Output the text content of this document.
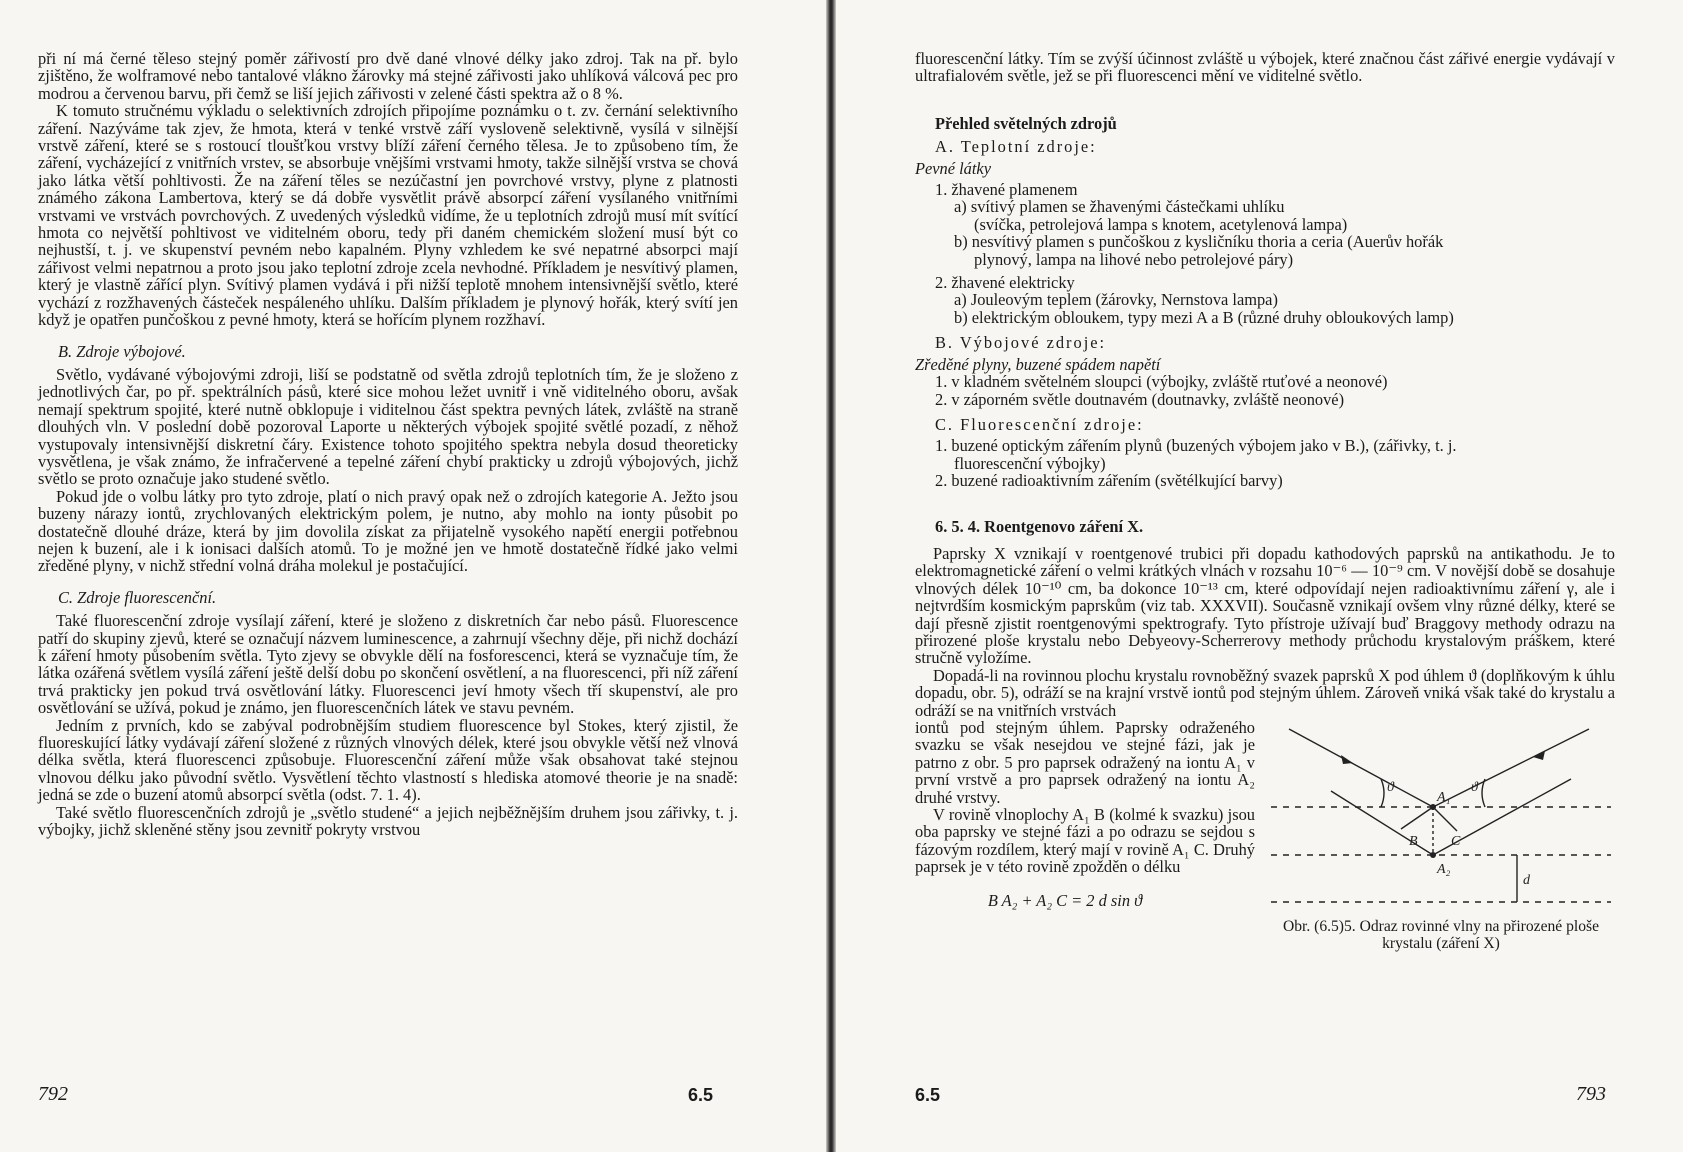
při ní má černé těleso stejný poměr zářivostí pro dvě dané vlnové délky jako zdroj. Tak na př. bylo zjištěno, že wolframové nebo tantalové vlákno žárovky má stejné zářivosti jako uhlíková válcová pec pro modrou a červenou barvu, při čemž se liší jejich zářivosti v zelené části spektra až o 8 %.

K tomuto stručnému výkladu o selektivních zdrojích připojíme poznámku o t. zv. černání selektivního záření. Nazýváme tak zjev, že hmota, která v tenké vrstvě září vysloveně selektivně, vysílá v silnější vrstvě záření, které se s rostoucí tloušťkou vrstvy blíží záření černého tělesa. Je to způsobeno tím, že záření, vycházející z vnitřních vrstev, se absorbuje vnějšími vrstvami hmoty, takže silnější vrstva se chová jako látka větší pohltivosti. Že na záření těles se nezúčastní jen povrchové vrstvy, plyne z platnosti známého zákona Lambertova, který se dá dobře vysvětlit právě absorpcí záření vysílaného vnitřními vrstvami ve vrstvách povrchových. Z uvedených výsledků vidíme, že u teplotních zdrojů musí mít svítící hmota co největší pohltivost ve viditelném oboru, tedy při daném chemickém složení musí být co nejhustší, t. j. ve skupenství pevném nebo kapalném. Plyny vzhledem ke své nepatrné absorpci mají zářivost velmi nepatrnou a proto jsou jako teplotní zdroje zcela nevhodné. Příkladem je nesvítivý plamen, který je vlastně zářící plyn. Svítivý plamen vydává i při nižší teplotě mnohem intensivnější světlo, které vychází z rozžhavených částeček nespáleného uhlíku. Dalším příkladem je plynový hořák, který svítí jen když je opatřen punčoškou z pevné hmoty, která se hořícím plynem rozžhaví.

B. Zdroje výbojové.

Světlo, vydávané výbojovými zdroji, liší se podstatně od světla zdrojů teplotních tím, že je složeno z jednotlivých čar, po př. spektrálních pásů, které sice mohou ležet uvnitř i vně viditelného oboru, avšak nemají spektrum spojité, které nutně obklopuje i viditelnou část spektra pevných látek, zvláště na straně dlouhých vln. V poslední době pozoroval Laporte u některých výbojek spojité světlé pozadí, z něhož vystupovaly intensivnější diskretní čáry. Existence tohoto spojitého spektra nebyla dosud theoreticky vysvětlena, je však známo, že infračervené a tepelné záření chybí prakticky u zdrojů výbojových, jichž světlo se proto označuje jako studené světlo.

Pokud jde o volbu látky pro tyto zdroje, platí o nich pravý opak než o zdrojích kategorie A. Ježto jsou buzeny nárazy iontů, zrychlovaných elektrickým polem, je nutno, aby mohlo na ionty působit po dostatečně dlouhé dráze, která by jim dovolila získat za přijatelně vysokého napětí energii potřebnou nejen k buzení, ale i k ionisaci dalších atomů. To je možné jen ve hmotě dostatečně řídké jako velmi zředěné plyny, v nichž střední volná dráha molekul je postačující.

C. Zdroje fluorescenční.

Také fluorescenční zdroje vysílají záření, které je složeno z diskretních čar nebo pásů. Fluorescence patří do skupiny zjevů, které se označují názvem luminescence, a zahrnují všechny děje, při nichž dochází k záření hmoty působením světla. Tyto zjevy se obvykle dělí na fosforescenci, která se vyznačuje tím, že látka ozářená světlem vysílá záření ještě delší dobu po skončení osvětlení, a na fluorescenci, při níž záření trvá prakticky jen pokud trvá osvětlování látky. Fluorescenci jeví hmoty všech tří skupenství, ale pro osvětlování se užívá, pokud je známo, jen fluorescenčních látek ve stavu pevném.

Jedním z prvních, kdo se zabýval podrobnějším studiem fluorescence byl Stokes, který zjistil, že fluoreskující látky vydávají záření složené z různých vlnových délek, které jsou obvykle větší než vlnová délka světla, která fluorescenci způsobuje. Fluorescenční záření může však obsahovat také stejnou vlnovou délku jako původní světlo. Vysvětlení těchto vlastností s hlediska atomové theorie je na snadě: jedná se zde o buzení atomů absorpcí světla (odst. 7. 1. 4).

Také světlo fluorescenčních zdrojů je „světlo studené“ a jejich nejběžnějším druhem jsou zářivky, t. j. výbojky, jichž skleněné stěny jsou zevnitř pokryty vrstvou

792	6.5

fluorescenční látky. Tím se zvýší účinnost zvláště u výbojek, které značnou část zářivé energie vydávají v ultrafialovém světle, jež se při fluorescenci mění ve viditelné světlo.

Přehled světelných zdrojů
A. Teplotní zdroje:
Pevné látky
1. žhavené plamenem
a) svítivý plamen se žhavenými částečkami uhlíku
(svíčka, petrolejová lampa s knotem, acetylenová lampa)
b) nesvítivý plamen s punčoškou z kysličníku thoria a ceria (Auerův hořák
plynový, lampa na lihové nebo petrolejové páry)
2. žhavené elektricky
a) Jouleovým teplem (žárovky, Nernstova lampa)
b) elektrickým obloukem, typy mezi A a B (různé druhy obloukových lamp)
B. Výbojové zdroje:
Zředěné plyny, buzené spádem napětí
1. v kladném světelném sloupci (výbojky, zvláště rtuťové a neonové)
2. v záporném světle doutnavém (doutnavky, zvláště neonové)
C. Fluorescenční zdroje:
1. buzené optickým zářením plynů (buzených výbojem jako v B.), (zářivky, t. j.
fluorescenční výbojky)
2. buzené radioaktivním zářením (světélkující barvy)
6. 5. 4. Roentgenovo záření X.

Paprsky X vznikají v roentgenové trubici při dopadu kathodových paprsků na antikathodu. Je to elektromagnetické záření o velmi krátkých vlnách v rozsahu 10⁻⁶ — 10⁻⁹ cm. V novější době se dosahuje vlnových délek 10⁻¹⁰ cm, ba dokonce 10⁻¹³ cm, které odpovídají nejen radioaktivnímu záření γ, ale i nejtvrdším kosmickým paprskům (viz tab. XXXVII). Současně vznikají ovšem vlny různé délky, které se dají přesně zjistit roentgenovými spektrografy. Tyto přístroje užívají buď Braggovy methody odrazu na přirozené ploše krystalu nebo Debyeovy-Scherrerovy methody průchodu krystalovým práškem, které stručně vyložíme.

Dopadá-li na rovinnou plochu krystalu rovnoběžný svazek paprsků X pod úhlem ϑ (doplňkovým k úhlu dopadu, obr. 5), odráží se na krajní vrstvě iontů pod stejným úhlem. Zároveň vniká však také do krystalu a odráží se na vnitřních vrstvách

iontů pod stejným úhlem. Paprsky odraženého svazku se však nesejdou ve stejné fázi, jak je patrno z obr. 5 pro paprsek odražený na iontu A₁ v první vrstvě a pro paprsek odražený na iontu A₂ druhé vrstvy.

V rovině vlnoplochy A₁ B (kolmé k svazku) jsou oba paprsky ve stejné fázi a po odrazu se sejdou s fázovým rozdílem, který mají v rovině A₁ C. Druhý paprsek je v této rovině zpožděn o délku

B A₂ + A₂ C = 2 d sin ϑ
ϑ	ϑ
A₁
A₂
B C
d
Obr. (6.5)5. Odraz rovinné vlny na přirozené ploše krystalu (záření X)
6.5	793
